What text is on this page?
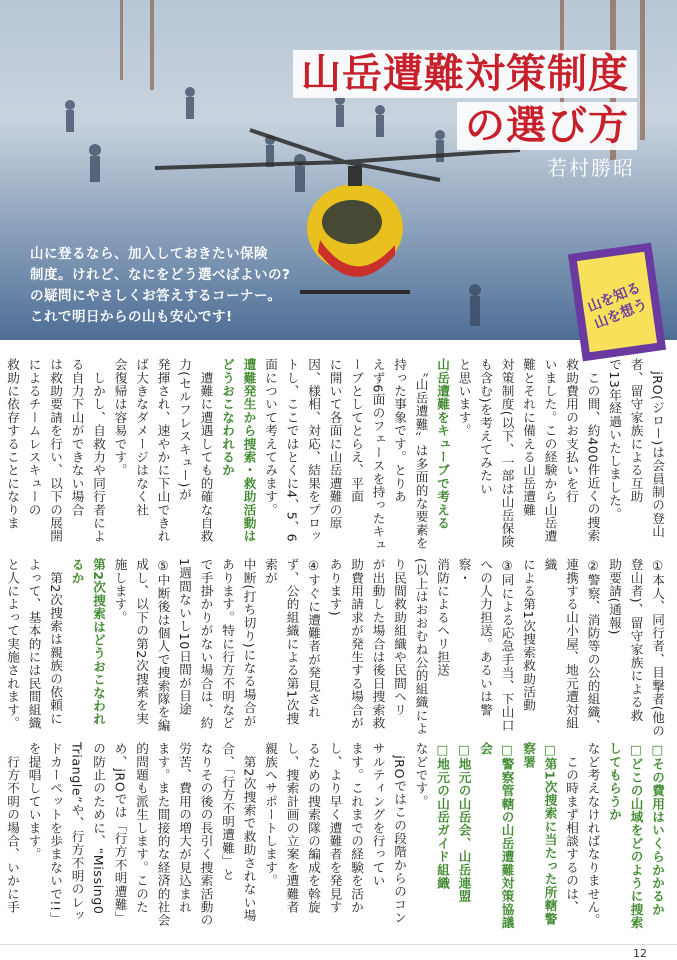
山岳遭難対策制度
の選び方
若村勝昭
山に登るなら、加入しておきたい保険
制度。けれど、なにをどう選べばよいの?
の疑問にやさしくお答えするコーナー。
これで明日からの山も安心です!
山を知る
山を想う
　jRO(ジロー)は会員制の登山者、留守家族による互助
で13年経過いたしました。
　この間、約400件近くの捜索救助費用のお支払いを行
いました。この経験から山岳遭難とそれに備える山岳遭難
対策制度(以下、一部は山岳保険も含む)を考えてみたい
と思います。
山岳遭難をキューブで考える
　〝山岳遭難〟は多面的な要素を持った事象です。とりあ
えず6面のフェースを持ったキューブとしてとらえ、平面
に開いて各面に山岳遭難の原因、様相、対応、結果をプロッ
トし、ここではとくに4、5、6面について考えてみます。
遭難発生から捜索・救助活動はどうおこなわれるか
　遭難に遭遇しても的確な自救力(セルフレスキュー)が
発揮され、速やかに下山できれば大きなダメージはなく社
会復帰は容易です。
　しかし、自救力や同行者による自力下山ができない場合
は救助要請を行い、以下の展開によるチームレスキューの
救助に依存することになりま
①本人、同行者、目撃者(他の登山者)、留守家族による救
助要請(通報)
②警察、消防等の公的組織、連携する山小屋、地元遭対組織
による第1次捜索救助活動
③同による応急手当、下山口への人力担送。あるいは警察・
消防によるヘリ担送
(以上はおおむね公的組織により民間救助組織や民間ヘリ
が出動した場合は後日捜索救助費用請求が発生する場合が
あります)
④すぐに遭難者が発見されず、公的組織による第1次捜索が
中断(打ち切り)になる場合があります。特に行方不明など
で手掛かりがない場合は、約1週間ないし10日間が目途
⑤中断後は個人で捜索隊を編成し、以下の第2次捜索を実
施します。
第2次捜索はどうおこなわれるか
　第2次捜索は親族の依頼によって、基本的には民間組織
と人によって実施されます。
□その費用はいくらかかるか
□どこの山域をどのように捜索してもらうか
など考えなければなりません。
　この時まず相談するのは、
□第1次捜索に当たった所轄警察署
□警察管轄の山岳遭難対策協議会
□地元の山岳会、山岳連盟
□地元の山岳ガイド組織
などです。
　jROではこの段階からのコンサルティングを行ってい
ます。これまでの経験を活かし、より早く遭難者を発見す
るための捜索隊の編成を斡旋し、捜索計画の立案を遭難者
親族へサポートします。
　第2次捜索で救助されない場合、「行方不明遭難」と
なりその後の長引く捜索活動の労苦、費用の増大が見込まれ
ます。また間接的な経済的社会的問題も派生します。このた
め、jROでは「行方不明遭難」の防止のために、“Missing0
Triangle”や、行方不明のレッドカーペットを歩まないで!!」
を提唱しています。
　行方不明の場合、いかに手
12
